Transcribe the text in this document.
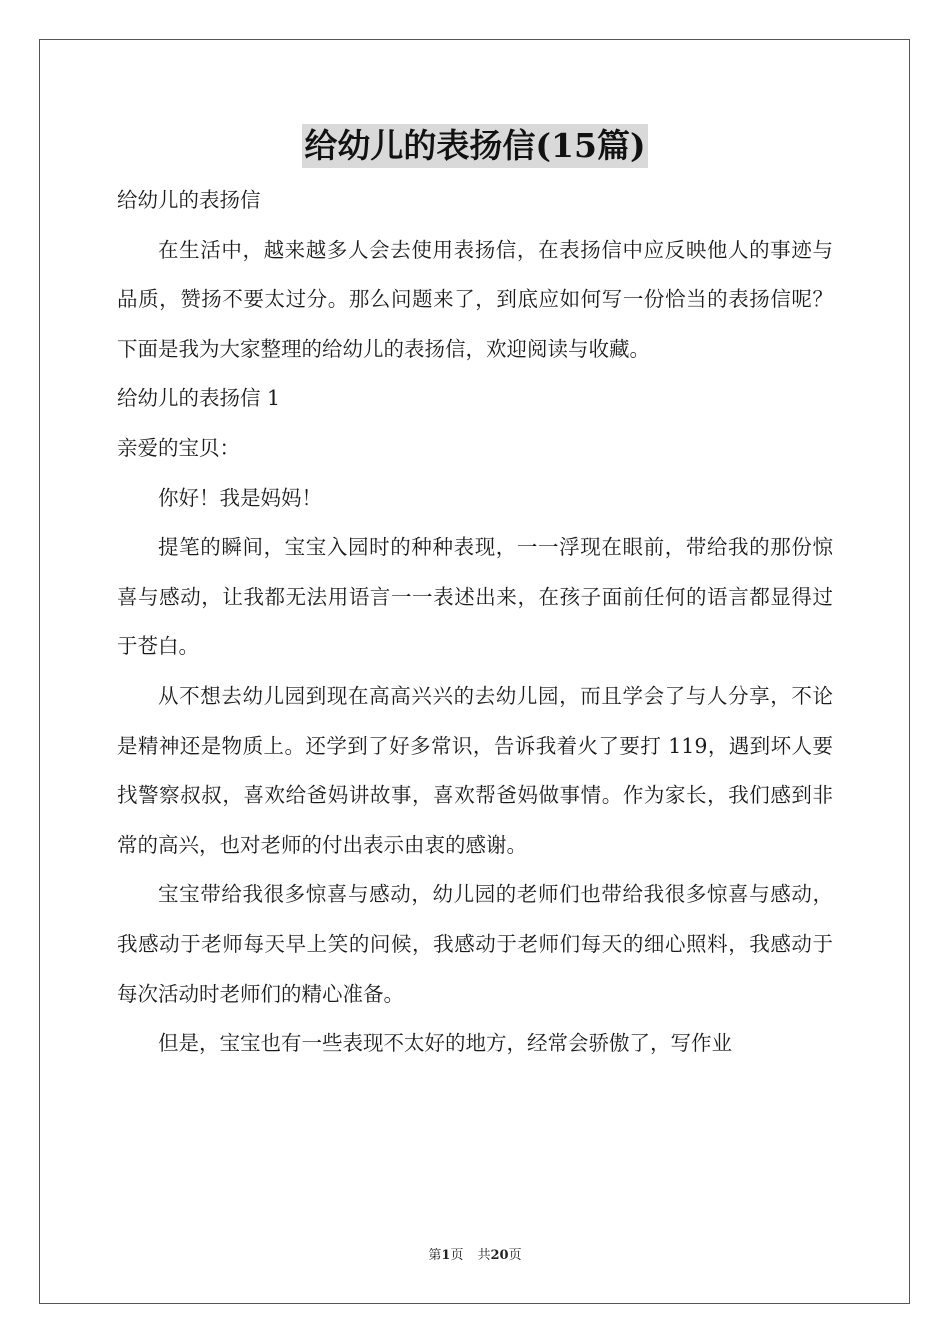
给幼儿的表扬信(15篇)

给幼儿的表扬信

在生活中，越来越多人会去使用表扬信，在表扬信中应反映他人的事迹与品质，赞扬不要太过分。那么问题来了，到底应如何写一份恰当的表扬信呢？下面是我为大家整理的给幼儿的表扬信，欢迎阅读与收藏。

给幼儿的表扬信 1

亲爱的宝贝：

你好！我是妈妈！

提笔的瞬间，宝宝入园时的种种表现，一一浮现在眼前，带给我的那份惊喜与感动，让我都无法用语言一一表述出来，在孩子面前任何的语言都显得过于苍白。

从不想去幼儿园到现在高高兴兴的去幼儿园，而且学会了与人分享，不论是精神还是物质上。还学到了好多常识，告诉我着火了要打 119，遇到坏人要找警察叔叔，喜欢给爸妈讲故事，喜欢帮爸妈做事情。作为家长，我们感到非常的高兴，也对老师的付出表示由衷的感谢。

宝宝带给我很多惊喜与感动，幼儿园的老师们也带给我很多惊喜与感动，我感动于老师每天早上笑的问候，我感动于老师们每天的细心照料，我感动于每次活动时老师们的精心准备。

但是，宝宝也有一些表现不太好的地方，经常会骄傲了，写作业

第1页 共20页
